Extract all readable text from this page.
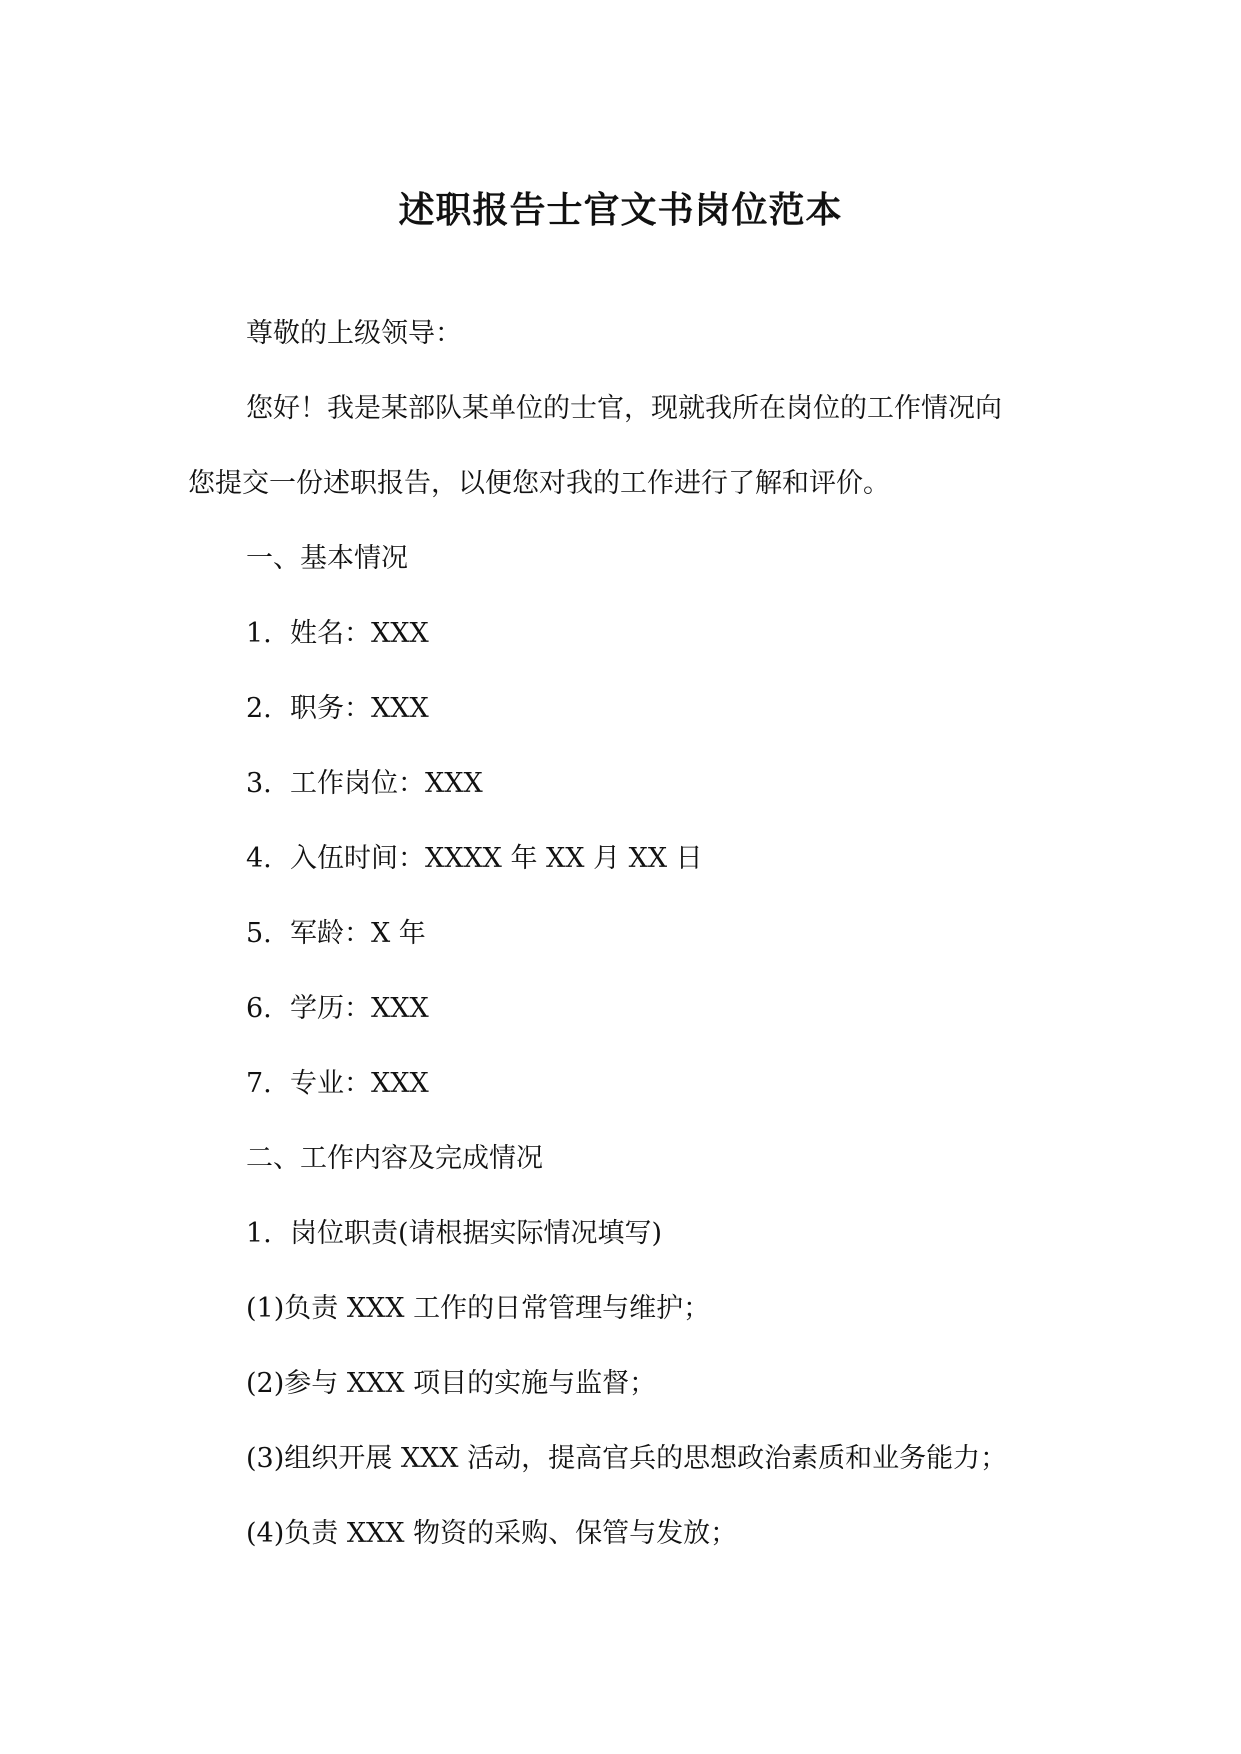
述职报告士官文书岗位范本
尊敬的上级领导：
您好！我是某部队某单位的士官，现就我所在岗位的工作情况向
您提交一份述职报告，以便您对我的工作进行了解和评价。
一、基本情况
1. 姓名：XXX
2. 职务：XXX
3. 工作岗位：XXX
4. 入伍时间：XXXX 年 XX 月 XX 日
5. 军龄：X 年
6. 学历：XXX
7. 专业：XXX
二、工作内容及完成情况
1. 岗位职责(请根据实际情况填写)
(1)负责 XXX 工作的日常管理与维护；
(2)参与 XXX 项目的实施与监督；
(3)组织开展 XXX 活动，提高官兵的思想政治素质和业务能力；
(4)负责 XXX 物资的采购、保管与发放；
